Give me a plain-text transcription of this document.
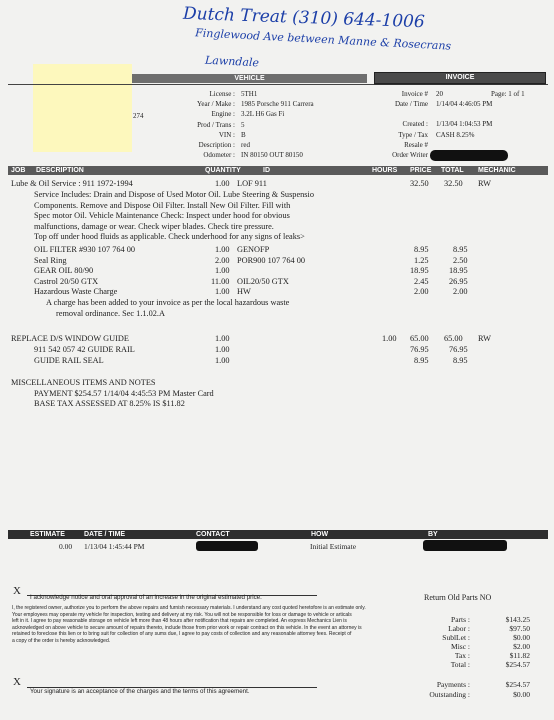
Dutch Treat (310) 644-1006
Finglewood Ave between Manne & Rosecrans
Lawndale
274
VEHICLE	INVOICE
License : 5TH1
Year / Make : 1985 Porsche 911 Carrera
Engine : 3.2L H6 Gas Fi
Prod / Trans : 5
VIN : B
Description : red
Odometer : IN 80150 OUT 80150
Invoice # 20	Page: 1 of 1
Date / Time 1/14/04 4:46:05 PM
Created : 1/13/04 1:04:53 PM
Type / Tax CASH 8.25%
Resale #
Order Writer
JOB DESCRIPTION	QUANTITY	ID	HOURS PRICE TOTAL MECHANIC
Lube & Oil Service : 911 1972-1994	1.00 LOF 911	32.50 32.50 RW
Service Includes: Drain and Dispose of Used Motor Oil. Lube Steering & Suspensio
Components. Remove and Dispose Oil Filter. Install New Oil Filter. Fill with
Spec motor Oil. Vehicle Maintenance Check: Inspect under hood for obvious
malfunctions, damage or wear. Check wiper blades. Check tire pressure.
Top off under hood fluids as applicable. Check underhood for any signs of leaks>
OIL FILTER #930 107 764 00	1.00 GENOFP	8.95	8.95
Seal Ring	2.00 POR900 107 764 00	1.25	2.50
GEAR OIL 80/90	1.00	18.95 18.95
Castrol 20/50 GTX	11.00 OIL20/50 GTX	2.45 26.95
Hazardous Waste Charge	1.00 HW	2.00	2.00
A charge has been added to your invoice as per the local hazardous waste
removal ordinance. Sec 1.1.02.A
REPLACE D/S WINDOW GUIDE	1.00	1.00 65.00 65.00 RW
911 542 057 42 GUIDE RAIL	1.00	76.95 76.95
GUIDE RAIL SEAL	1.00	8.95	8.95
MISCELLANEOUS ITEMS AND NOTES
PAYMENT $254.57 1/14/04 4:45:53 PM Master Card
BASE TAX ASSESSED AT 8.25% IS $11.82
ESTIMATE	DATE / TIME	CONTACT	HOW	BY
0.00 1/13/04 1:45:44 PM	Initial Estimate
X
I acknowledge notice and oral approval of an increase in the original estimated price.
I, the registered owner, authorize you to perform the above repairs and furnish necessary materials. I understand any cost quoted heretofore is an estimate only.
Your employees may operate my vehicle for inspection, testing and delivery at my risk. You will not be responsible for loss or damage to vehicle or articals
left in it. I agree to pay reasonable storage on vehicle left more than 48 hours after notification that repairs are completed. An express Mechanics Lien is
acknowledged on above vehicle to secure amount of repairs thereto, include those from prior work or repair contract on this vehicle. In the event an attorney is
retained to foreclose this lien or to bring suit for collection of any sums due, I agree to pay costs of collection and any reasonable attorney fees. Receipt of
a copy of the order is hereby acknowledged.
X
Your signature is an acceptance of the charges and the terms of this agreement.
Return Old Parts NO
Parts :	$143.25
Labor :	$97.50
SublLet :	$0.00
Misc :	$2.00
Tax :	$11.82
Total :	$254.57
Payments :	$254.57
Outstanding :	$0.00
